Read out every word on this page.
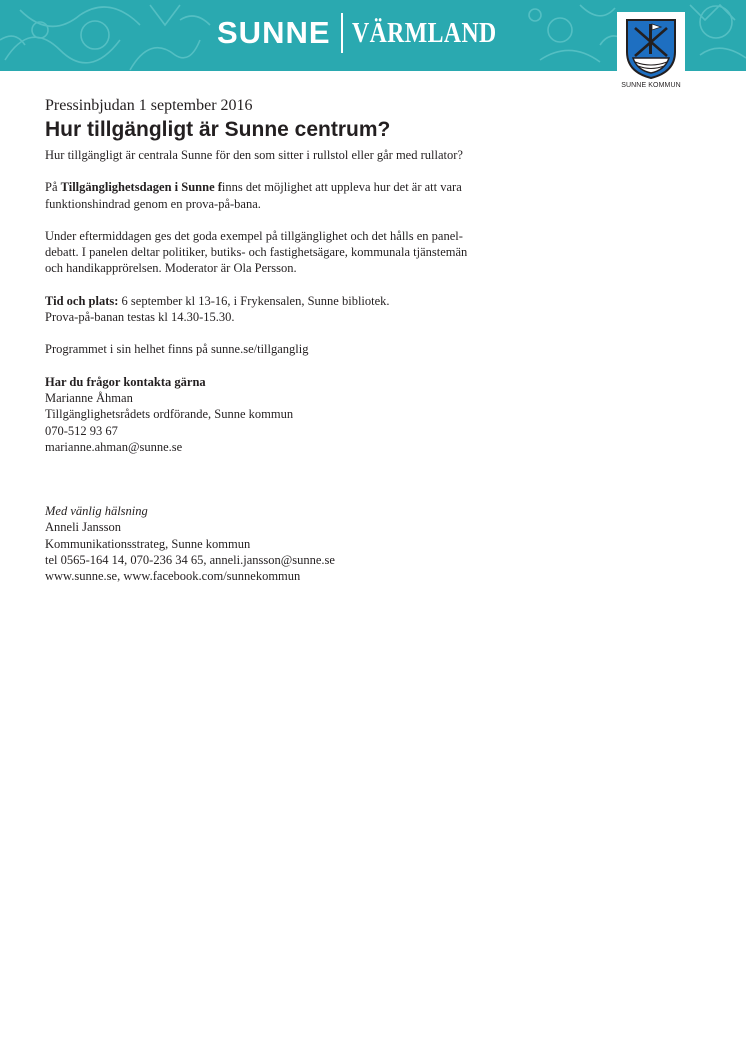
SUNNE VÄRMLAND
SUNNE KOMMUN
Pressinbjudan 1 september 2016
Hur tillgängligt är Sunne centrum?

Hur tillgängligt är centrala Sunne för den som sitter i rullstol eller går med rullator?

På Tillgänglighetsdagen i Sunne finns det möjlighet att uppleva hur det är att vara
funktionshindrad genom en prova-på-bana.

Under eftermiddagen ges det goda exempel på tillgänglighet och det hålls en panel-
debatt. I panelen deltar politiker, butiks- och fastighetsägare, kommunala tjänstemän
och handikapprörelsen. Moderator är Ola Persson.

Tid och plats: 6 september kl 13-16, i Frykensalen, Sunne bibliotek.
Prova-på-banan testas kl 14.30-15.30.

Programmet i sin helhet finns på sunne.se/tillganglig

Har du frågor kontakta gärna
Marianne Åhman
Tillgänglighetsrådets ordförande, Sunne kommun
070-512 93 67
marianne.ahman@sunne.se

Med vänlig hälsning
Anneli Jansson
Kommunikationsstrateg, Sunne kommun
tel 0565-164 14, 070-236 34 65, anneli.jansson@sunne.se
www.sunne.se, www.facebook.com/sunnekommun
